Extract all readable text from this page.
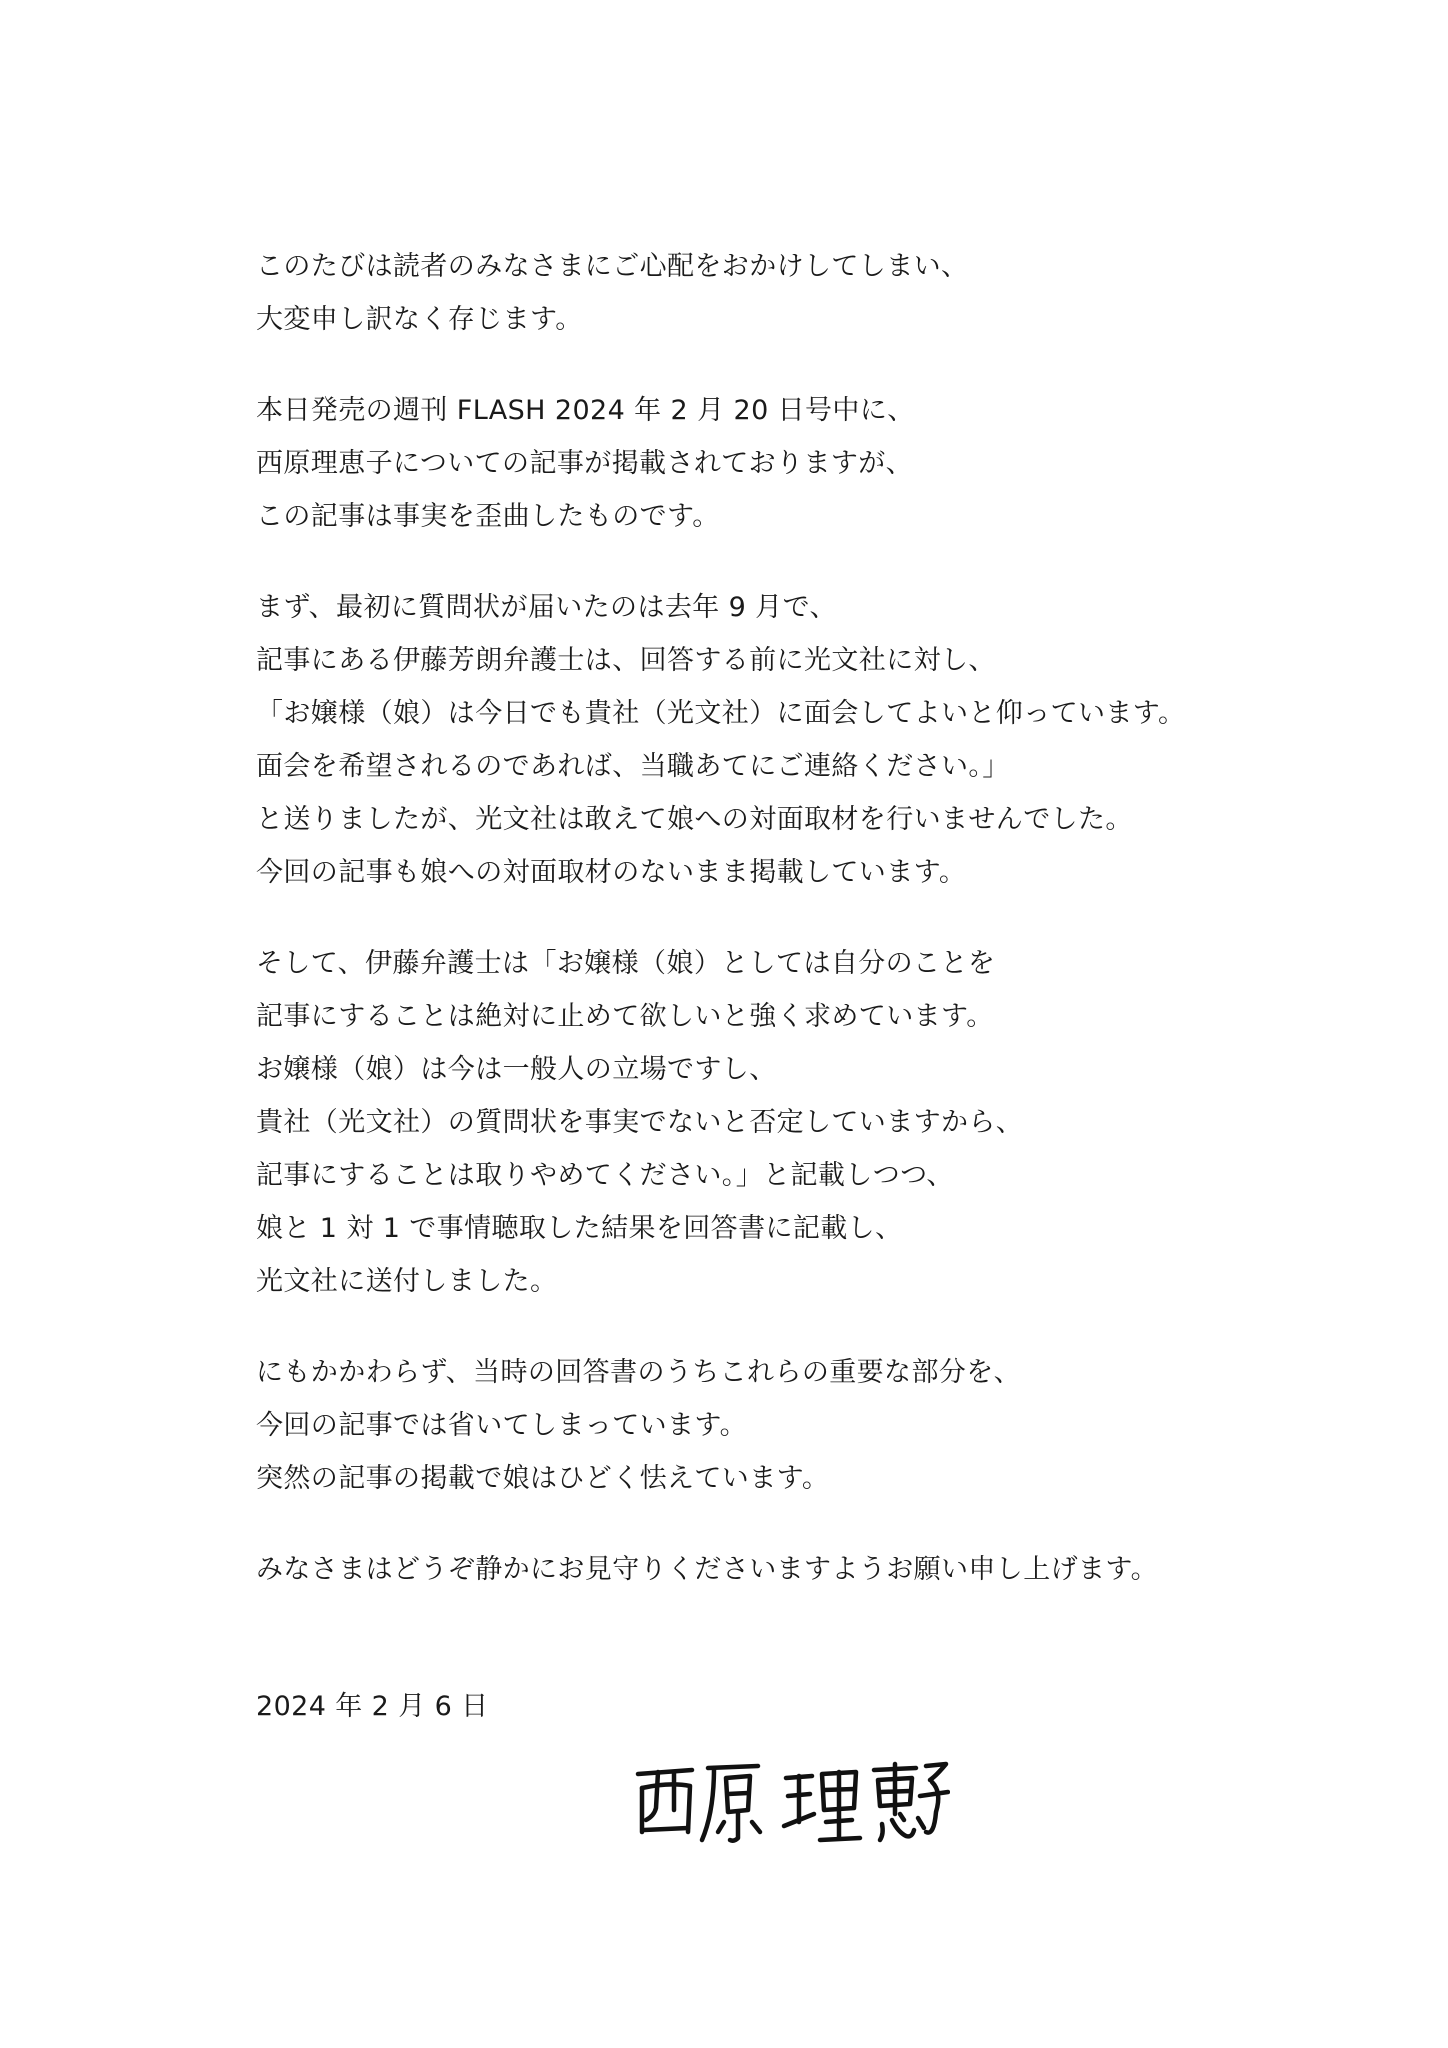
このたびは読者のみなさまにご心配をおかけしてしまい、
大変申し訳なく存じます。
本日発売の週刊 FLASH 2024 年 2 月 20 日号中に、
西原理恵子についての記事が掲載されておりますが、
この記事は事実を歪曲したものです。
まず、最初に質問状が届いたのは去年 9 月で、
記事にある伊藤芳朗弁護士は、回答する前に光文社に対し、
「お嬢様（娘）は今日でも貴社（光文社）に面会してよいと仰っています。
面会を希望されるのであれば、当職あてにご連絡ください。」
と送りましたが、光文社は敢えて娘への対面取材を行いませんでした。
今回の記事も娘への対面取材のないまま掲載しています。
そして、伊藤弁護士は「お嬢様（娘）としては自分のことを
記事にすることは絶対に止めて欲しいと強く求めています。
お嬢様（娘）は今は一般人の立場ですし、
貴社（光文社）の質問状を事実でないと否定していますから、
記事にすることは取りやめてください。」と記載しつつ、
娘と 1 対 1 で事情聴取した結果を回答書に記載し、
光文社に送付しました。
にもかかわらず、当時の回答書のうちこれらの重要な部分を、
今回の記事では省いてしまっています。
突然の記事の掲載で娘はひどく怯えています。
みなさまはどうぞ静かにお見守りくださいますようお願い申し上げます。
2024 年 2 月 6 日
